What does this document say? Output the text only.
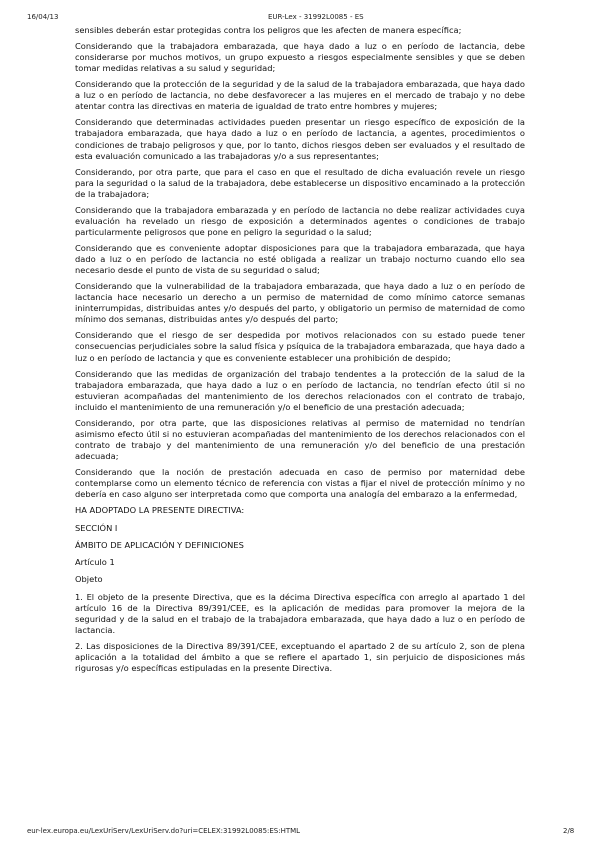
16/04/13	EUR-Lex - 31992L0085 - ES

sensibles deberán estar protegidas contra los peligros que les afecten de manera específica;

Considerando que la trabajadora embarazada, que haya dado a luz o en período de lactancia, debe considerarse por muchos motivos, un grupo expuesto a riesgos especialmente sensibles y que se deben tomar medidas relativas a su salud y seguridad;

Considerando que la protección de la seguridad y de la salud de la trabajadora embarazada, que haya dado a luz o en período de lactancia, no debe desfavorecer a las mujeres en el mercado de trabajo y no debe atentar contra las directivas en materia de igualdad de trato entre hombres y mujeres;

Considerando que determinadas actividades pueden presentar un riesgo específico de exposición de la trabajadora embarazada, que haya dado a luz o en período de lactancia, a agentes, procedimientos o condiciones de trabajo peligrosos y que, por lo tanto, dichos riesgos deben ser evaluados y el resultado de esta evaluación comunicado a las trabajadoras y/o a sus representantes;

Considerando, por otra parte, que para el caso en que el resultado de dicha evaluación revele un riesgo para la seguridad o la salud de la trabajadora, debe establecerse un dispositivo encaminado a la protección de la trabajadora;

Considerando que la trabajadora embarazada y en período de lactancia no debe realizar actividades cuya evaluación ha revelado un riesgo de exposición a determinados agentes o condiciones de trabajo particularmente peligrosos que pone en peligro la seguridad o la salud;

Considerando que es conveniente adoptar disposiciones para que la trabajadora embarazada, que haya dado a luz o en período de lactancia no esté obligada a realizar un trabajo nocturno cuando ello sea necesario desde el punto de vista de su seguridad o salud;

Considerando que la vulnerabilidad de la trabajadora embarazada, que haya dado a luz o en período de lactancia hace necesario un derecho a un permiso de maternidad de como mínimo catorce semanas ininterrumpidas, distribuidas antes y/o después del parto, y obligatorio un permiso de maternidad de como mínimo dos semanas, distribuidas antes y/o después del parto;

Considerando que el riesgo de ser despedida por motivos relacionados con su estado puede tener consecuencias perjudiciales sobre la salud física y psíquica de la trabajadora embarazada, que haya dado a luz o en período de lactancia y que es conveniente establecer una prohibición de despido;

Considerando que las medidas de organización del trabajo tendentes a la protección de la salud de la trabajadora embarazada, que haya dado a luz o en período de lactancia, no tendrían efecto útil si no estuvieran acompañadas del mantenimiento de los derechos relacionados con el contrato de trabajo, incluido el mantenimiento de una remuneración y/o el beneficio de una prestación adecuada;

Considerando, por otra parte, que las disposiciones relativas al permiso de maternidad no tendrían asimismo efecto útil si no estuvieran acompañadas del mantenimiento de los derechos relacionados con el contrato de trabajo y del mantenimiento de una remuneración y/o del beneficio de una prestación adecuada;

Considerando que la noción de prestación adecuada en caso de permiso por maternidad debe contemplarse como un elemento técnico de referencia con vistas a fijar el nivel de protección mínimo y no debería en caso alguno ser interpretada como que comporta una analogía del embarazo a la enfermedad,

HA ADOPTADO LA PRESENTE DIRECTIVA:

SECCIÓN I

ÁMBITO DE APLICACIÓN Y DEFINICIONES

Artículo 1

Objeto

1. El objeto de la presente Directiva, que es la décima Directiva específica con arreglo al apartado 1 del artículo 16 de la Directiva 89/391/CEE, es la aplicación de medidas para promover la mejora de la seguridad y de la salud en el trabajo de la trabajadora embarazada, que haya dado a luz o en período de lactancia.

2. Las disposiciones de la Directiva 89/391/CEE, exceptuando el apartado 2 de su artículo 2, son de plena aplicación a la totalidad del ámbito a que se refiere el apartado 1, sin perjuicio de disposiciones más rigurosas y/o específicas estipuladas en la presente Directiva.

eur-lex.europa.eu/LexUriServ/LexUriServ.do?uri=CELEX:31992L0085:ES:HTML	2/8
